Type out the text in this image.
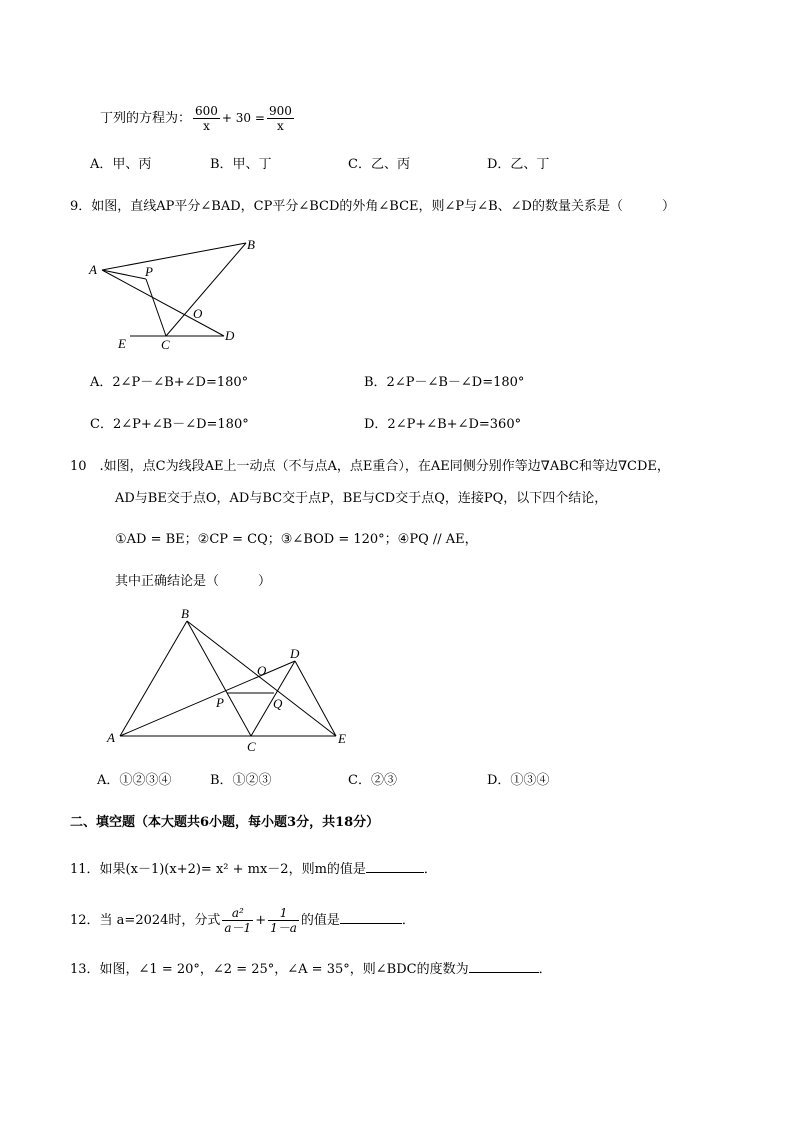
丁列的方程为： $\frac{600}{x} + 30 = \frac{900}{x}$
A．甲、丙	B．甲、丁	C．乙、丙	D．乙、丁
9．如图，直线AP平分∠BAD，CP平分∠BCD的外角∠BCE，则∠P与∠B、∠D的数量关系是（　　　）
A
B
P
O
E	C
D
A．2∠P－∠B+∠D=180°	B．2∠P－∠B－∠D=180°
C．2∠P+∠B－∠D=180°	D．2∠P+∠B+∠D=360°
10　.如图，点C为线段AE上一动点（不与点A，点E重合），在AE同侧分别作等边∇ABC和等边∇CDE，
AD与BE交于点O，AD与BC交于点P，BE与CD交于点Q，连接PQ，以下四个结论，
①AD = BE；②CP = CQ；③∠BOD = 120°；④PQ // AE，
其中正确结论是（　　　）
A
B
C
D
E
O
P	Q
A．①②③④	B．①②③	C．②③	D．①③④
二、填空题（本大题共6小题，每小题3分，共18分）
11．如果(x－1)(x+2)= x² + mx－2，则m的值是	．
12．当 a=2024时，分式 $\frac{\text{a²}}{a-1} + \frac{1}{1-a}$ 的值是	．
13．如图，∠1 = 20°，∠2 = 25°，∠A = 35°，则∠BDC的度数为	．
